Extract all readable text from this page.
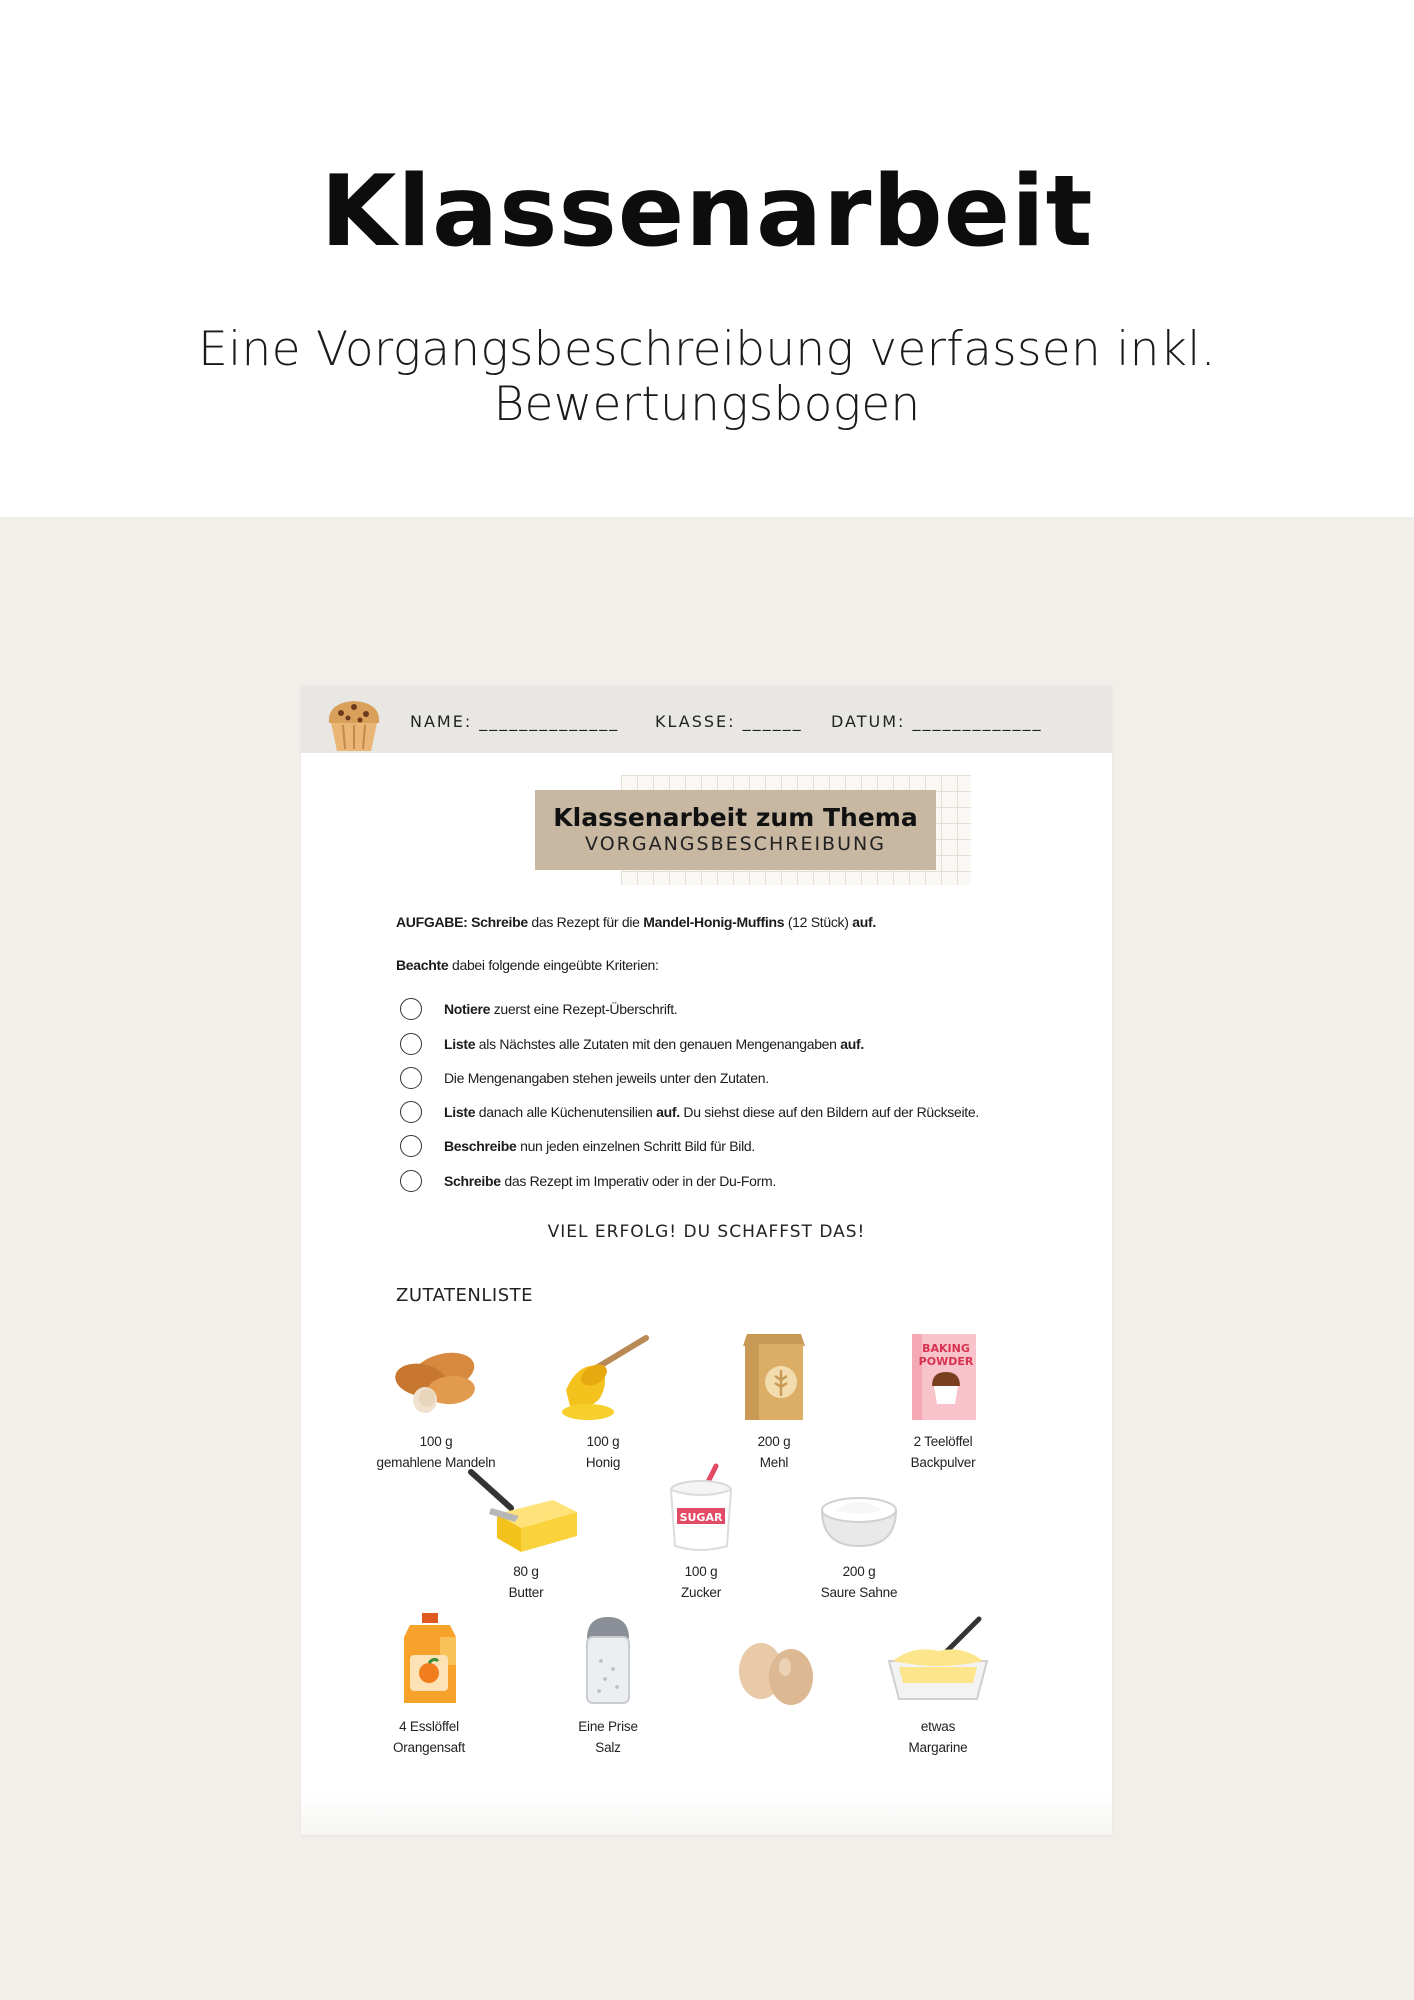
Klassenarbeit
Eine Vorgangsbeschreibung verfassen inkl. Bewertungsbogen
NAME: ______________ KLASSE: ______ DATUM: _____________
Klassenarbeit zum Thema
VORGANGSBESCHREIBUNG
AUFGABE: Schreibe das Rezept für die Mandel-Honig-Muffins (12 Stück) auf.
Beachte dabei folgende eingeübte Kriterien:
Notiere zuerst eine Rezept-Überschrift.
Liste als Nächstes alle Zutaten mit den genauen Mengenangaben auf.
Die Mengenangaben stehen jeweils unter den Zutaten.
Liste danach alle Küchenutensilien auf. Du siehst diese auf den Bildern auf der Rückseite.
Beschreibe nun jeden einzelnen Schritt Bild für Bild.
Schreibe das Rezept im Imperativ oder in der Du-Form.
VIEL ERFOLG! DU SCHAFFST DAS!
ZUTATENLISTE
100 g
gemahlene Mandeln
100 g
Honig
200 g
Mehl
BAKING
POWDER
2 Teelöffel
Backpulver
80 g
Butter
SUGAR
100 g
Zucker
200 g
Saure Sahne
4 Esslöffel
Orangensaft
Eine Prise
Salz
etwas
Margarine
